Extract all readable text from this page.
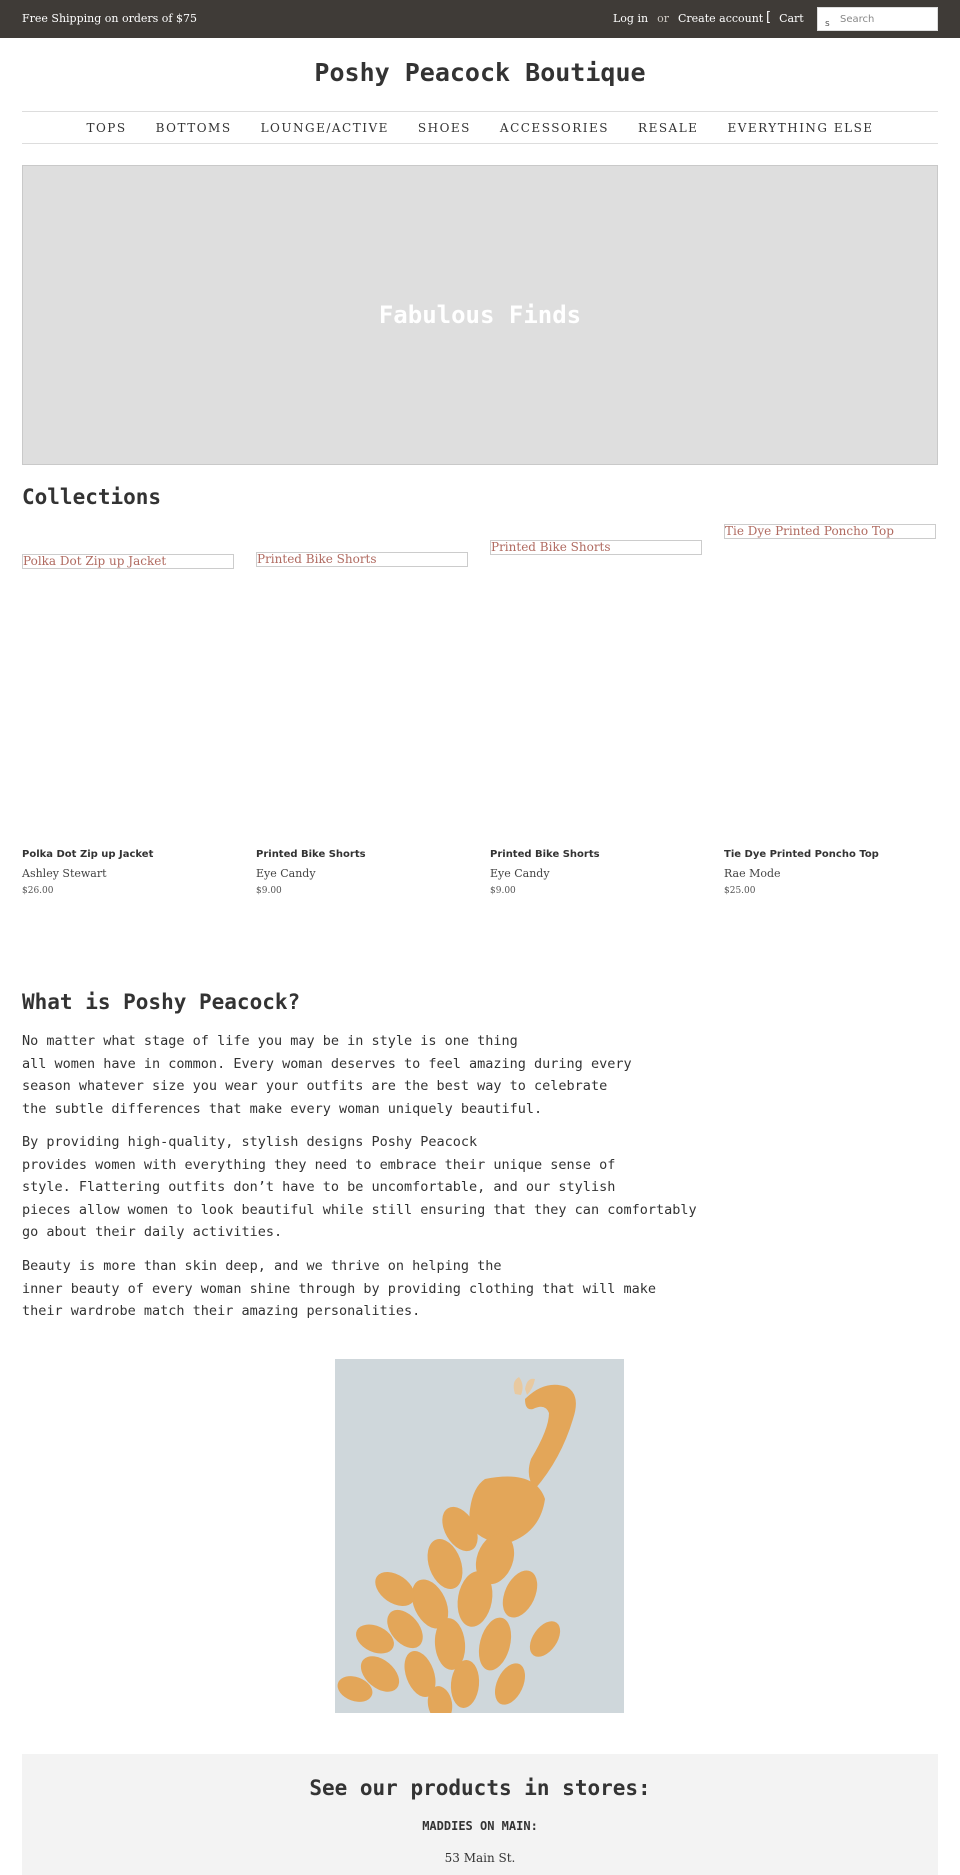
Free Shipping on orders of $75	Log in or Create account [ Cart s
Search
Poshy Peacock Boutique
TOPS BOTTOMS LOUNGE/ACTIVE SHOES ACCESSORIES RESALE EVERYTHING ELSE
Fabulous Finds
Collections
Polka Dot Zip up Jacket	Printed Bike Shorts
Printed Bike Shorts
Tie Dye Printed Poncho Top
Polka Dot Zip up Jacket
Ashley Stewart
$26.00
Printed Bike Shorts
Eye Candy
$9.00
Printed Bike Shorts
Eye Candy
$9.00
Tie Dye Printed Poncho Top
Rae Mode
$25.00
What is Poshy Peacock?
No matter what stage of life you may be in style is one thing
all women have in common. Every woman deserves to feel amazing during every
season whatever size you wear your outfits are the best way to celebrate
the subtle differences that make every woman uniquely beautiful.
By providing high-quality, stylish designs Poshy Peacock
provides women with everything they need to embrace their unique sense of
style. Flattering outfits don’t have to be uncomfortable, and our stylish
pieces allow women to look beautiful while still ensuring that they can comfortably
go about their daily activities.
Beauty is more than skin deep, and we thrive on helping the
inner beauty of every woman shine through by providing clothing that will make
their wardrobe match their amazing personalities.
See our products in stores:
MADDIES ON MAIN:
53 Main St.
